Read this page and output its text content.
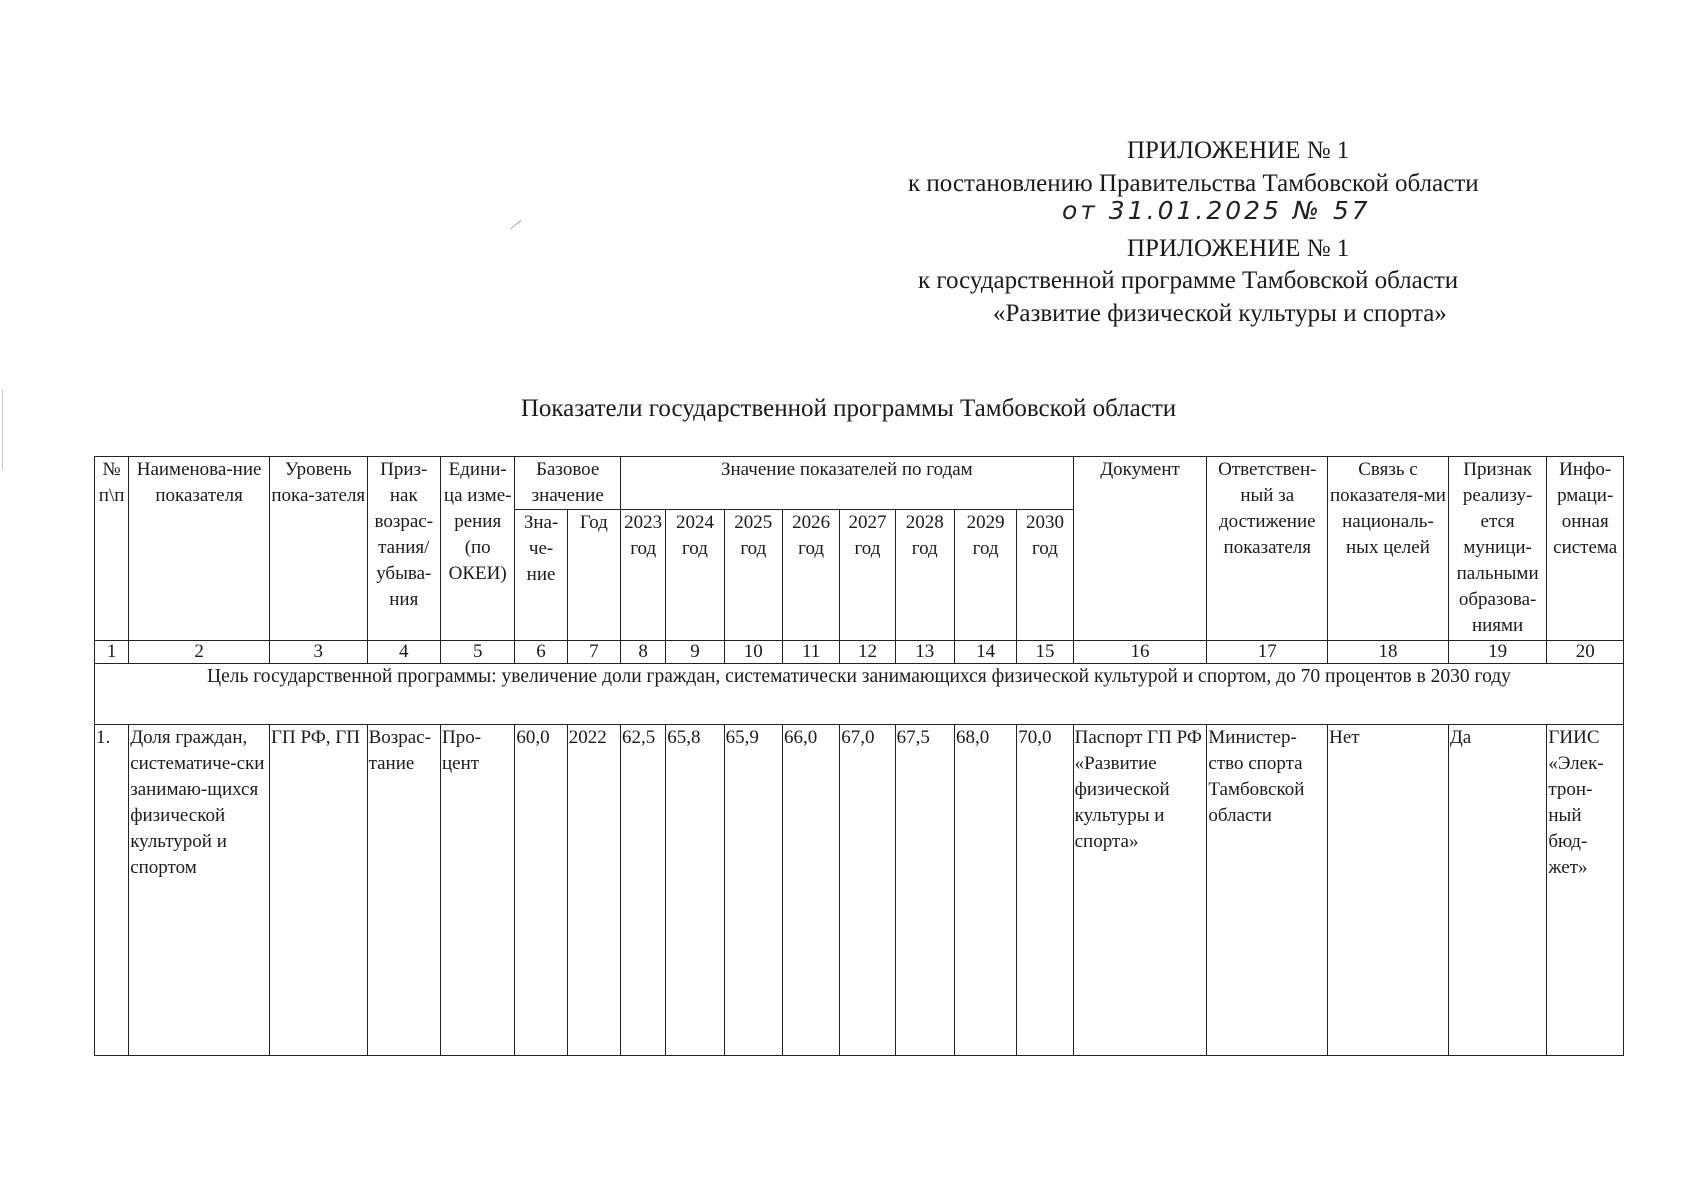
ПРИЛОЖЕНИЕ № 1
к постановлению Правительства Тамбовской области
от 31.01.2025 № 57
ПРИЛОЖЕНИЕ № 1
к государственной программе Тамбовской области
«Развитие физической культуры и спорта»
Показатели государственной программы Тамбовской области
№ п\п	Наименова-ние показателя	Уровень пока-зателя	Приз-нак возрас-тания/ убыва-ния	Едини-ца изме-рения (по ОКЕИ)	Базовое значение		Значение показателей по годам								Документ	Ответствен-ный за достижение показателя	Связь с показателя-ми националь-ных целей	Признак реализу-ется муници-пальными образова-ниями	Инфо-рмаци-онная система
					Зна-че-ние	Год	2023 год	2024 год	2025 год	2026 год	2027 год	2028 год	2029 год	2030 год					
1	2	3	4	5	6	7	8	9	10	11	12	13	14	15	16	17	18	19	20
Цель государственной программы: увеличение доли граждан, систематически занимающихся физической культурой и спортом, до 70 процентов в 2030 году																			
1.	Доля граждан, систематиче-ски занимаю-щихся физической культурой и спортом	ГП РФ, ГП	Возрас-тание	Про-цент	60,0	2022	62,5	65,8	65,9	66,0	67,0	67,5	68,0	70,0	Паспорт ГП РФ «Развитие физической культуры и спорта»	Министер-ство спорта Тамбовской области	Нет	Да	ГИИС «Элек-трон-ный бюд-жет»
